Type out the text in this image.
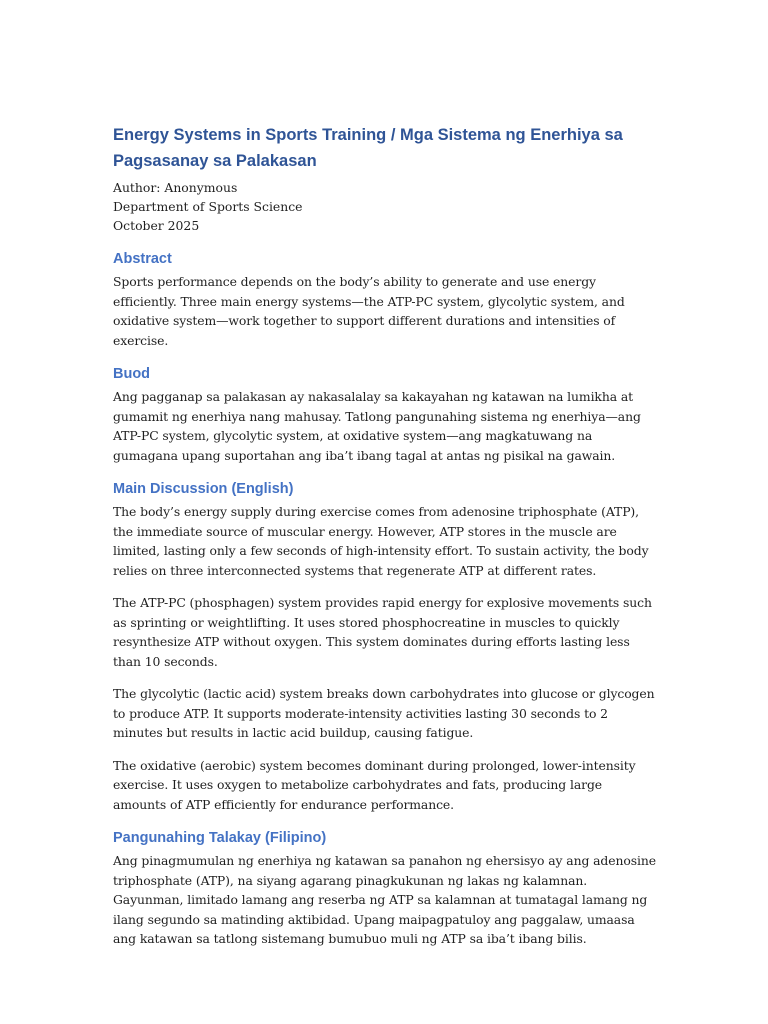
Energy Systems in Sports Training / Mga Sistema ng Enerhiya sa Pagsasanay sa Palakasan

Author: Anonymous

Department of Sports Science

October 2025

Abstract

Sports performance depends on the body’s ability to generate and use energy efficiently. Three main energy systems—the ATP-PC system, glycolytic system, and oxidative system—work together to support different durations and intensities of exercise.

Buod

Ang pagganap sa palakasan ay nakasalalay sa kakayahan ng katawan na lumikha at gumamit ng enerhiya nang mahusay. Tatlong pangunahing sistema ng enerhiya—ang ATP-PC system, glycolytic system, at oxidative system—ang magkatuwang na gumagana upang suportahan ang iba’t ibang tagal at antas ng pisikal na gawain.

Main Discussion (English)

The body’s energy supply during exercise comes from adenosine triphosphate (ATP), the immediate source of muscular energy. However, ATP stores in the muscle are limited, lasting only a few seconds of high-intensity effort. To sustain activity, the body relies on three interconnected systems that regenerate ATP at different rates.

The ATP-PC (phosphagen) system provides rapid energy for explosive movements such as sprinting or weightlifting. It uses stored phosphocreatine in muscles to quickly resynthesize ATP without oxygen. This system dominates during efforts lasting less than 10 seconds.

The glycolytic (lactic acid) system breaks down carbohydrates into glucose or glycogen to produce ATP. It supports moderate-intensity activities lasting 30 seconds to 2 minutes but results in lactic acid buildup, causing fatigue.

The oxidative (aerobic) system becomes dominant during prolonged, lower-intensity exercise. It uses oxygen to metabolize carbohydrates and fats, producing large amounts of ATP efficiently for endurance performance.

Pangunahing Talakay (Filipino)

Ang pinagmumulan ng enerhiya ng katawan sa panahon ng ehersisyo ay ang adenosine triphosphate (ATP), na siyang agarang pinagkukunan ng lakas ng kalamnan. Gayunman, limitado lamang ang reserba ng ATP sa kalamnan at tumatagal lamang ng ilang segundo sa matinding aktibidad. Upang maipagpatuloy ang paggalaw, umaasa ang katawan sa tatlong sistemang bumubuo muli ng ATP sa iba’t ibang bilis.
